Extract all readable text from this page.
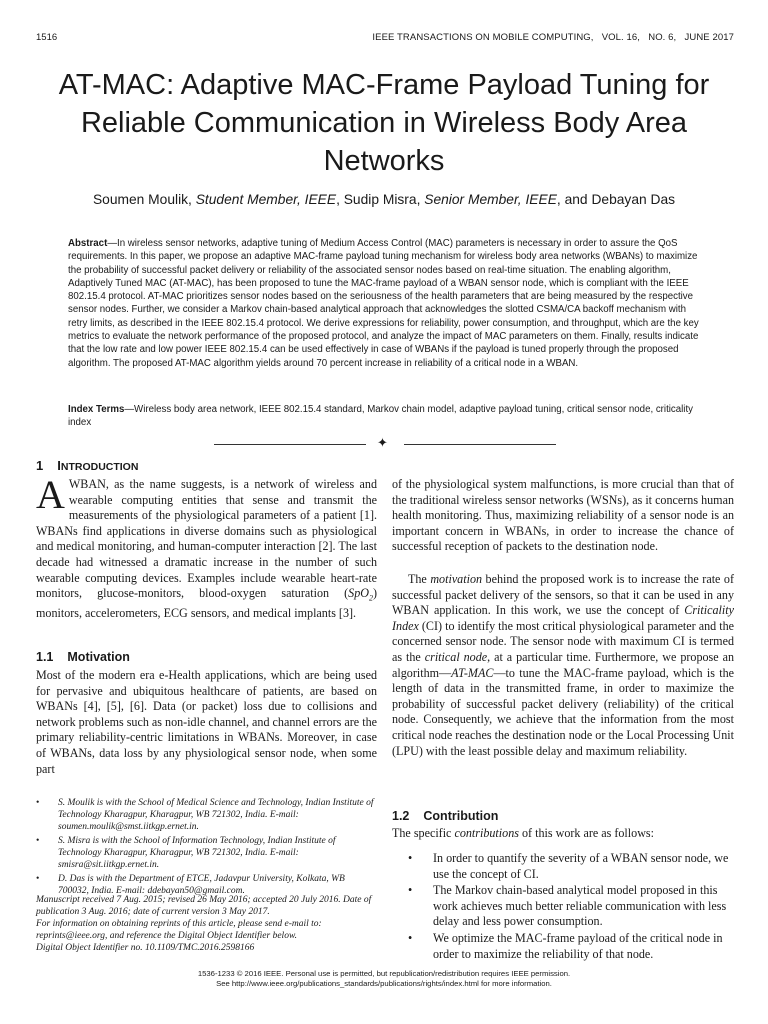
1516	IEEE TRANSACTIONS ON MOBILE COMPUTING,   VOL. 16,   NO. 6,   JUNE 2017
AT-MAC: Adaptive MAC-Frame Payload Tuning for Reliable Communication in Wireless Body Area Networks
Soumen Moulik, Student Member, IEEE, Sudip Misra, Senior Member, IEEE, and Debayan Das

Abstract—In wireless sensor networks, adaptive tuning of Medium Access Control (MAC) parameters is necessary in order to assure the QoS requirements. In this paper, we propose an adaptive MAC-frame payload tuning mechanism for wireless body area networks (WBANs) to maximize the probability of successful packet delivery or reliability of the associated sensor nodes based on real-time situation. The enabling algorithm, Adaptively Tuned MAC (AT-MAC), has been proposed to tune the MAC-frame payload of a WBAN sensor node, which is compliant with the IEEE 802.15.4 protocol. AT-MAC prioritizes sensor nodes based on the seriousness of the health parameters that are being measured by the respective sensor nodes. Further, we consider a Markov chain-based analytical approach that acknowledges the slotted CSMA/CA backoff mechanism with retry limits, as described in the IEEE 802.15.4 protocol. We derive expressions for reliability, power consumption, and throughput, which are the key metrics to evaluate the network performance of the proposed protocol, and analyze the impact of MAC parameters on them. Finally, results indicate that the low rate and low power IEEE 802.15.4 can be used effectively in case of WBANs if the payload is tuned properly through the proposed algorithm. The proposed AT-MAC algorithm yields around 70 percent increase in reliability of a critical node in a WBAN.

Index Terms—Wireless body area network, IEEE 802.15.4 standard, Markov chain model, adaptive payload tuning, critical sensor node, criticality index

✦
1 INTRODUCTION

AWBAN, as the name suggests, is a network of wireless and wearable computing entities that sense and transmit the measurements of the physiological parameters of a patient [1]. WBANs find applications in diverse domains such as physiological and medical monitoring, and human-computer interaction [2]. The last decade had witnessed a dramatic increase in the number of such wearable computing devices. Examples include wearable heart-rate monitors, glucose-monitors, blood-oxygen saturation (SpO$_2$) monitors, accelerometers, ECG sensors, and medical implants [3].

1.1 Motivation

Most of the modern era e-Health applications, which are being used for pervasive and ubiquitous healthcare of patients, are based on WBANs [4], [5], [6]. Data (or packet) loss due to collisions and network problems such as non-idle channel, and channel errors are the primary reliability-centric limitations in WBANs. Moreover, in case of WBANs, data loss by any physiological sensor node, when some part

• S. Moulik is with the School of Medical Science and Technology, Indian Institute of Technology Kharagpur, Kharagpur, WB 721302, India. E-mail: soumen.moulik@smst.iitkgp.ernet.in.
• S. Misra is with the School of Information Technology, Indian Institute of Technology Kharagpur, Kharagpur, WB 721302, India. E-mail: smisra@sit.iitkgp.ernet.in.
• D. Das is with the Department of ETCE, Jadavpur University, Kolkata, WB 700032, India. E-mail: ddebayan50@gmail.com.
Manuscript received 7 Aug. 2015; revised 26 May 2016; accepted 20 July 2016. Date of publication 3 Aug. 2016; date of current version 3 May 2017.
For information on obtaining reprints of this article, please send e-mail to: reprints@ieee.org, and reference the Digital Object Identifier below.
Digital Object Identifier no. 10.1109/TMC.2016.2598166

of the physiological system malfunctions, is more crucial than that of the traditional wireless sensor networks (WSNs), as it concerns human health monitoring. Thus, maximizing reliability of a sensor node is an important concern in WBANs, in order to increase the chance of successful reception of packets to the destination node.

The motivation behind the proposed work is to increase the rate of successful packet delivery of the sensors, so that it can be used in any WBAN application. In this work, we use the concept of Criticality Index (CI) to identify the most critical physiological parameter and the concerned sensor node. The sensor node with maximum CI is termed as the critical node, at a particular time. Furthermore, we propose an algorithm—AT-MAC—to tune the MAC-frame payload, which is the length of data in the transmitted frame, in order to maximize the probability of successful packet delivery (reliability) of the critical node. Consequently, we achieve that the information from the most critical node reaches the destination node or the Local Processing Unit (LPU) with the least possible delay and maximum reliability.

1.2 Contribution

The specific contributions of this work are as follows:

• In order to quantify the severity of a WBAN sensor node, we use the concept of CI.
• The Markov chain-based analytical model proposed in this work achieves much better reliable communication with less delay and less power consumption.
• We optimize the MAC-frame payload of the critical node in order to maximize the reliability of that node.
1536-1233 © 2016 IEEE. Personal use is permitted, but republication/redistribution requires IEEE permission.
See http://www.ieee.org/publications_standards/publications/rights/index.html for more information.
